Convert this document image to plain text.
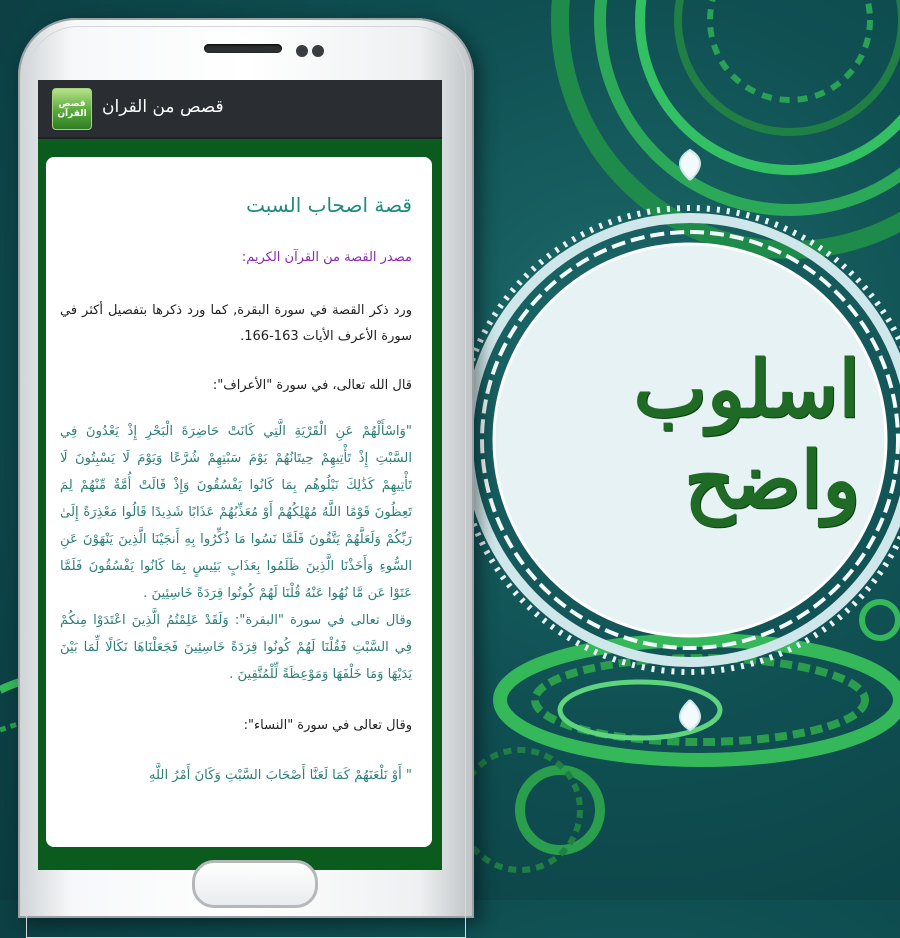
اسلوب واضح
قصص القرآن قصص من القران
قصة اصحاب السبت
مصدر القصة من القرآن الكريم:
ورد ذكر القصة في سورة البقرة, كما ورد ذكرها بتفصيل أكثر في سورة الأعرف الأيات 163-166.
قال الله تعالى، في سورة "الأعراف":
"وَاسْأَلْهُمْ عَنِ الْقَرْيَةِ الَّتِي كَانَتْ حَاضِرَةَ الْبَحْرِ إِذْ يَعْدُونَ فِي السَّبْتِ إِذْ تَأْتِيهِمْ حِيتَانُهُمْ يَوْمَ سَبْتِهِمْ شُرَّعًا وَيَوْمَ لَا يَسْبِتُونَ لَا تَأْتِيهِمْ كَذَٰلِكَ نَبْلُوهُم بِمَا كَانُوا يَفْسُقُونَ وَإِذْ قَالَتْ أُمَّةٌ مِّنْهُمْ لِمَ تَعِظُونَ قَوْمًا اللَّهُ مُهْلِكُهُمْ أَوْ مُعَذِّبُهُمْ عَذَابًا شَدِيدًا قَالُوا مَعْذِرَةً إِلَىٰ رَبِّكُمْ وَلَعَلَّهُمْ يَتَّقُونَ فَلَمَّا نَسُوا مَا ذُكِّرُوا بِهِ أَنجَيْنَا الَّذِينَ يَنْهَوْنَ عَنِ السُّوءِ وَأَخَذْنَا الَّذِينَ ظَلَمُوا بِعَذَابٍ بَئِيسٍ بِمَا كَانُوا يَفْسُقُونَ فَلَمَّا عَتَوْا عَن مَّا نُهُوا عَنْهُ قُلْنَا لَهُمْ كُونُوا قِرَدَةً خَاسِئِينَ .
وقال تعالى في سورة "البقرة": وَلَقَدْ عَلِمْتُمُ الَّذِينَ اعْتَدَوْا مِنكُمْ فِي السَّبْتِ فَقُلْنَا لَهُمْ كُونُوا قِرَدَةً خَاسِئِينَ فَجَعَلْنَاهَا نَكَالًا لِّمَا بَيْنَ يَدَيْهَا وَمَا خَلْفَهَا وَمَوْعِظَةً لِّلْمُتَّقِينَ .
وقال تعالى في سورة "النساء":
" أَوْ نَلْعَنَهُمْ كَمَا لَعَنَّا أَصْحَابَ السَّبْتِ وَكَانَ أَمْرُ اللَّهِ
